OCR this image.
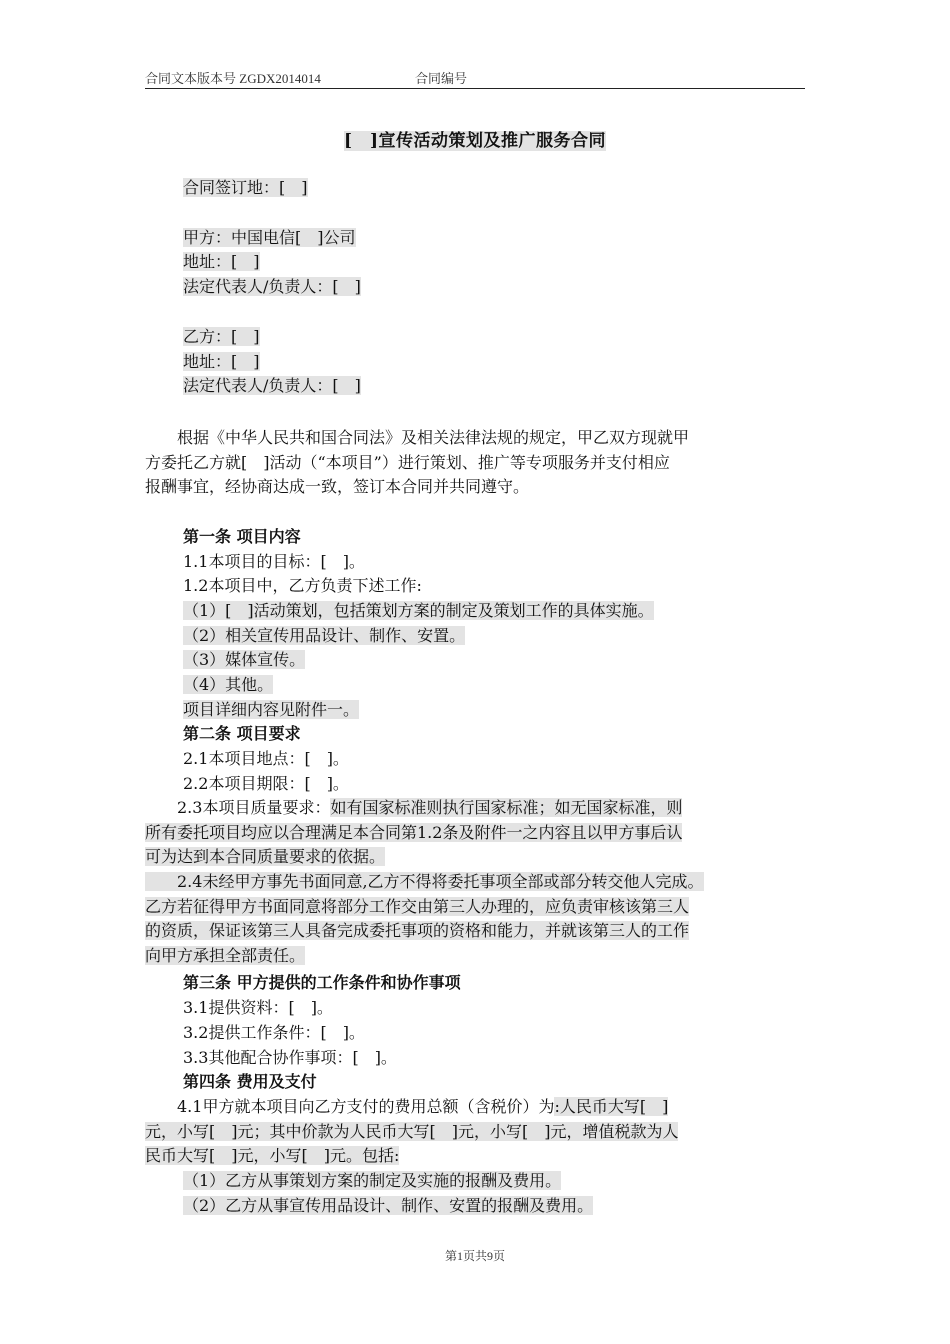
合同文本版本号 ZGDX2014014	合同编号
[　]宣传活动策划及推广服务合同
合同签订地：[　]
甲方：中国电信[　]公司
地址：[　]
法定代表人/负责人：[　]
乙方：[　]
地址：[　]
法定代表人/负责人：[　]
　　根据《中华人民共和国合同法》及相关法律法规的规定，甲乙双方现就甲
方委托乙方就[　]活动（“本项目”）进行策划、推广等专项服务并支付相应
报酬事宜，经协商达成一致，签订本合同并共同遵守。
第一条 项目内容
1.1本项目的目标：[　]。
1.2本项目中，乙方负责下述工作:
（1）[　]活动策划，包括策划方案的制定及策划工作的具体实施。
（2）相关宣传用品设计、制作、安置。
（3）媒体宣传。
（4）其他。
项目详细内容见附件一。
第二条 项目要求
2.1本项目地点：[　]。
2.2本项目期限：[　]。
　　2.3本项目质量要求：如有国家标准则执行国家标准；如无国家标准，则
所有委托项目均应以合理满足本合同第1.2条及附件一之内容且以甲方事后认
可为达到本合同质量要求的依据。
　　2.4未经甲方事先书面同意,乙方不得将委托事项全部或部分转交他人完成。
乙方若征得甲方书面同意将部分工作交由第三人办理的，应负责审核该第三人
的资质，保证该第三人具备完成委托事项的资格和能力，并就该第三人的工作
向甲方承担全部责任。
第三条 甲方提供的工作条件和协作事项
3.1提供资料：[　]。
3.2提供工作条件：[　]。
3.3其他配合协作事项：[　]。
第四条 费用及支付
　　4.1甲方就本项目向乙方支付的费用总额（含税价）为:人民币大写[　]
元，小写[　]元；其中价款为人民币大写[　]元，小写[　]元，增值税款为人
民币大写[　]元，小写[　]元。包括:
（1）乙方从事策划方案的制定及实施的报酬及费用。
（2）乙方从事宣传用品设计、制作、安置的报酬及费用。
第1页共9页
